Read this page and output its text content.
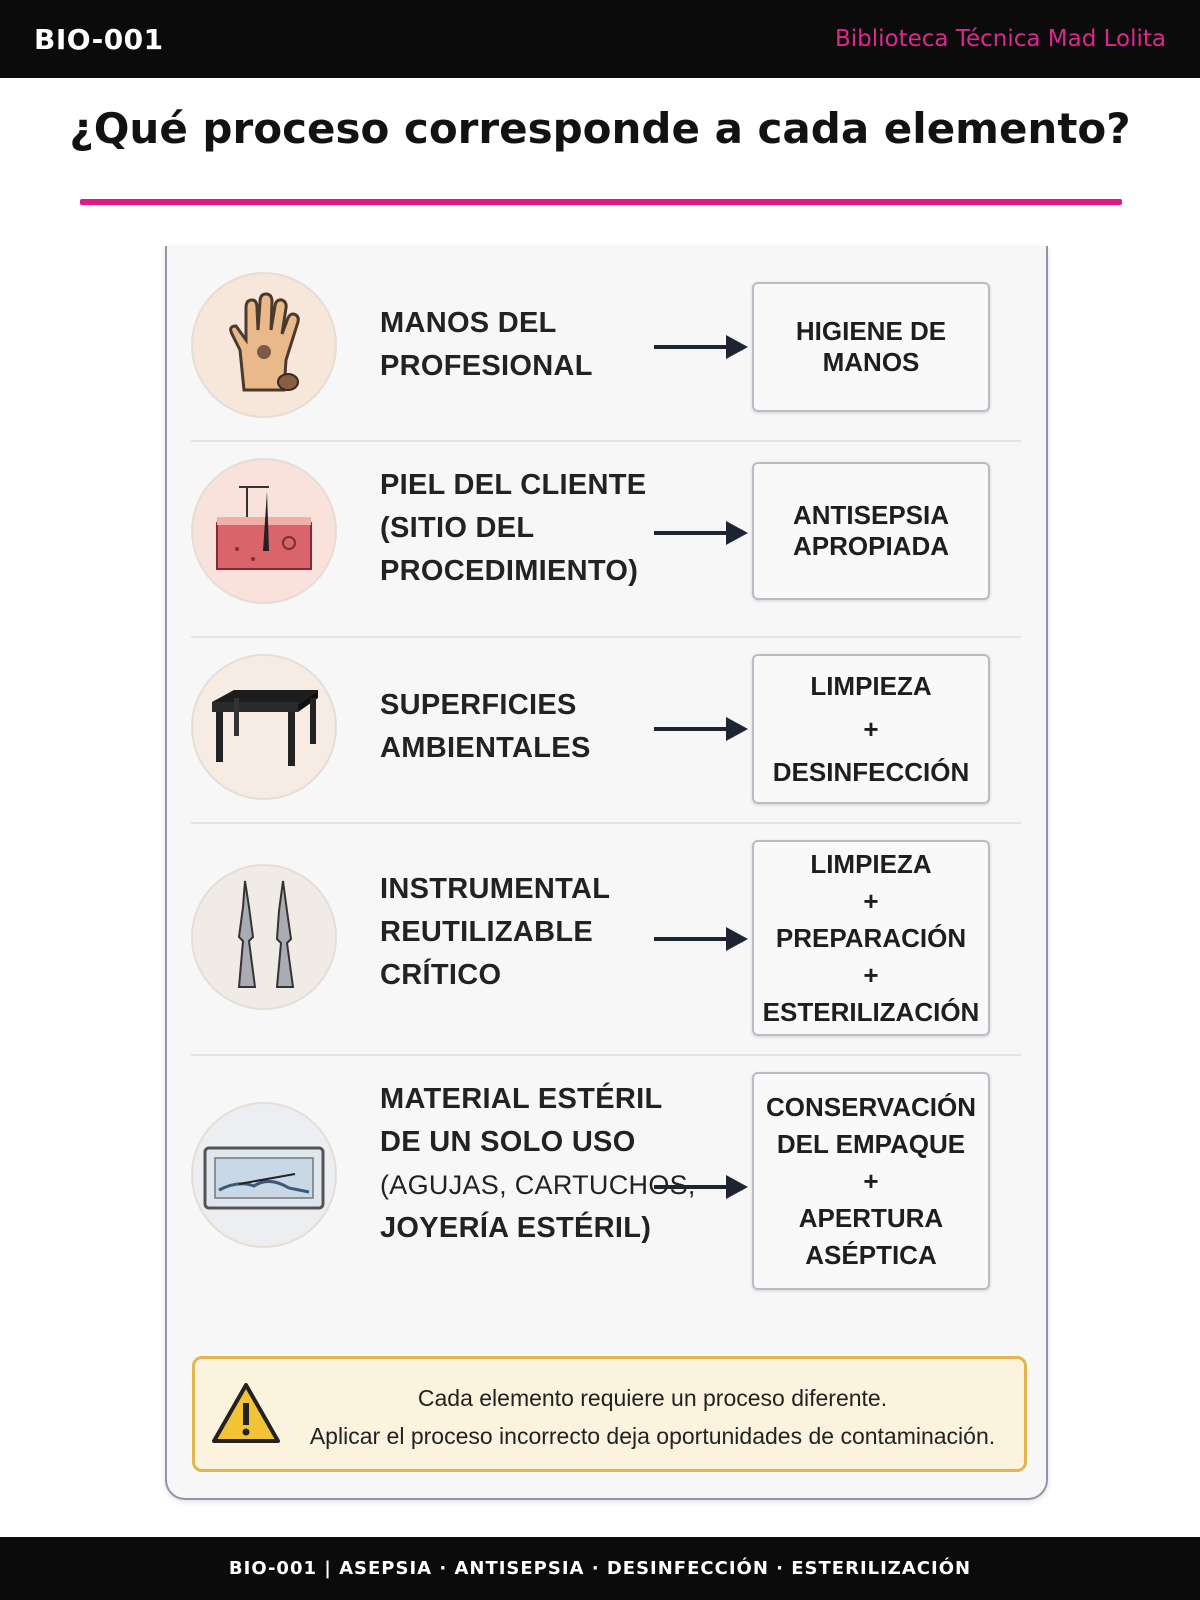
BIO-001	Biblioteca Técnica Mad Lolita
¿Qué proceso corresponde a cada elemento?
MANOS DEL
PROFESIONAL
HIGIENE DE
MANOS
PIEL DEL CLIENTE
(SITIO DEL
PROCEDIMIENTO)
ANTISEPSIA
APROPIADA
SUPERFICIES
AMBIENTALES
LIMPIEZA
+
DESINFECCIÓN
INSTRUMENTAL
REUTILIZABLE
CRÍTICO
LIMPIEZA
+
PREPARACIÓN
+
ESTERILIZACIÓN
MATERIAL ESTÉRIL
DE UN SOLO USO
(AGUJAS, CARTUCHOS,
JOYERÍA ESTÉRIL)
CONSERVACIÓN
DEL EMPAQUE
+
APERTURA
ASÉPTICA
Cada elemento requiere un proceso diferente.
Aplicar el proceso incorrecto deja oportunidades de contaminación.
BIO-001 | ASEPSIA · ANTISEPSIA · DESINFECCIÓN · ESTERILIZACIÓN
